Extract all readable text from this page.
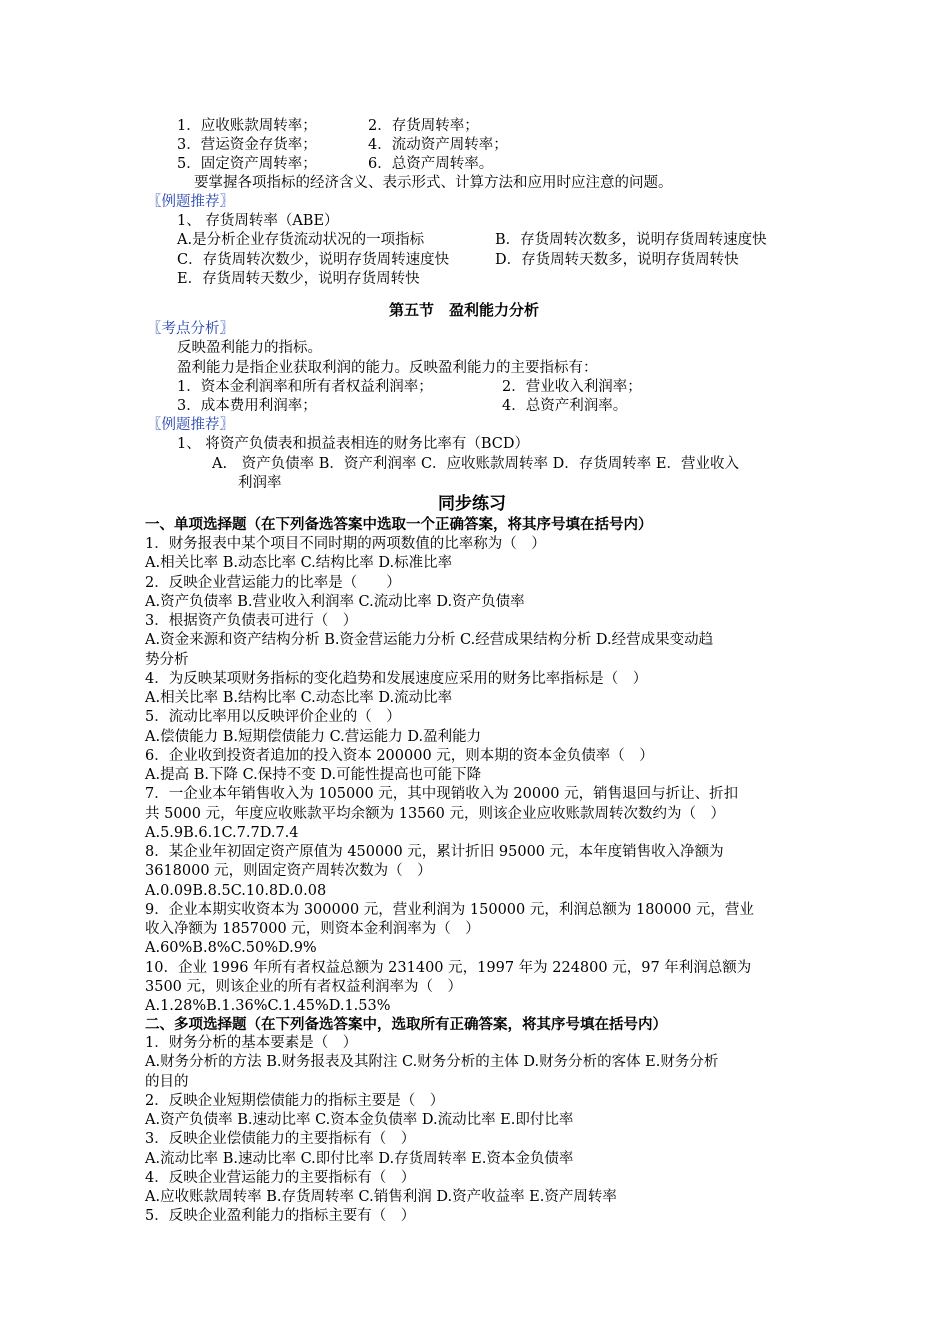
1．应收账款周转率；	2．存货周转率；
3．营运资金存货率；	4．流动资产周转率；
5．固定资产周转率；	6．总资产周转率。
要掌握各项指标的经济含义、表示形式、计算方法和应用时应注意的问题。
〖例题推荐〗
1、 存货周转率（ABE）
A.是分析企业存货流动状况的一项指标	B．存货周转次数多，说明存货周转速度快
C．存货周转次数少，说明存货周转速度快	D．存货周转天数多，说明存货周转快
E．存货周转天数少，说明存货周转快
第五节　盈利能力分析
〖考点分析〗
反映盈利能力的指标。
盈利能力是指企业获取利润的能力。反映盈利能力的主要指标有：
1．资本金利润率和所有者权益利润率；	2．营业收入利润率；
3．成本费用利润率；	4．总资产利润率。
〖例题推荐〗
1、 将资产负债表和损益表相连的财务比率有（BCD）
A.　资产负债率 B．资产利润率 C．应收账款周转率 D．存货周转率 E．营业收入
利润率
同步练习
一、单项选择题（在下列备选答案中选取一个正确答案，将其序号填在括号内）
二、多项选择题（在下列备选答案中，选取所有正确答案，将其序号填在括号内）
1．财务报表中某个项目不同时期的两项数值的比率称为（　）
A.相关比率 B.动态比率 C.结构比率 D.标准比率
2．反映企业营运能力的比率是（　　）
A.资产负债率 B.营业收入利润率 C.流动比率 D.资产负债率
3．根据资产负债表可进行（　）
A.资金来源和资产结构分析 B.资金营运能力分析 C.经营成果结构分析 D.经营成果变动趋
势分析
4．为反映某项财务指标的变化趋势和发展速度应采用的财务比率指标是（　）
A.相关比率 B.结构比率 C.动态比率 D.流动比率
5．流动比率用以反映评价企业的（　）
A.偿债能力 B.短期偿债能力 C.营运能力 D.盈利能力
6．企业收到投资者追加的投入资本 200000 元，则本期的资本金负债率（　）
A.提高 B.下降 C.保持不变 D.可能性提高也可能下降
7．一企业本年销售收入为 105000 元，其中现销收入为 20000 元，销售退回与折让、折扣
共 5000 元，年度应收账款平均余额为 13560 元，则该企业应收账款周转次数约为（　）
A.5.9B.6.1C.7.7D.7.4
8．某企业年初固定资产原值为 450000 元，累计折旧 95000 元，本年度销售收入净额为
3618000 元，则固定资产周转次数为（　）
A.0.09B.8.5C.10.8D.0.08
9．企业本期实收资本为 300000 元，营业利润为 150000 元，利润总额为 180000 元，营业
收入净额为 1857000 元，则资本金利润率为（　）
A.60%B.8%C.50%D.9%
10．企业 1996 年所有者权益总额为 231400 元，1997 年为 224800 元，97 年利润总额为
3500 元，则该企业的所有者权益利润率为（　）
A.1.28%B.1.36%C.1.45%D.1.53%
1．财务分析的基本要素是（　）
A.财务分析的方法 B.财务报表及其附注 C.财务分析的主体 D.财务分析的客体 E.财务分析
的目的
2．反映企业短期偿债能力的指标主要是（　）
A.资产负债率 B.速动比率 C.资本金负债率 D.流动比率 E.即付比率
3．反映企业偿债能力的主要指标有（　）
A.流动比率 B.速动比率 C.即付比率 D.存货周转率 E.资本金负债率
4．反映企业营运能力的主要指标有（　）
A.应收账款周转率 B.存货周转率 C.销售利润 D.资产收益率 E.资产周转率
5．反映企业盈利能力的指标主要有（　）
